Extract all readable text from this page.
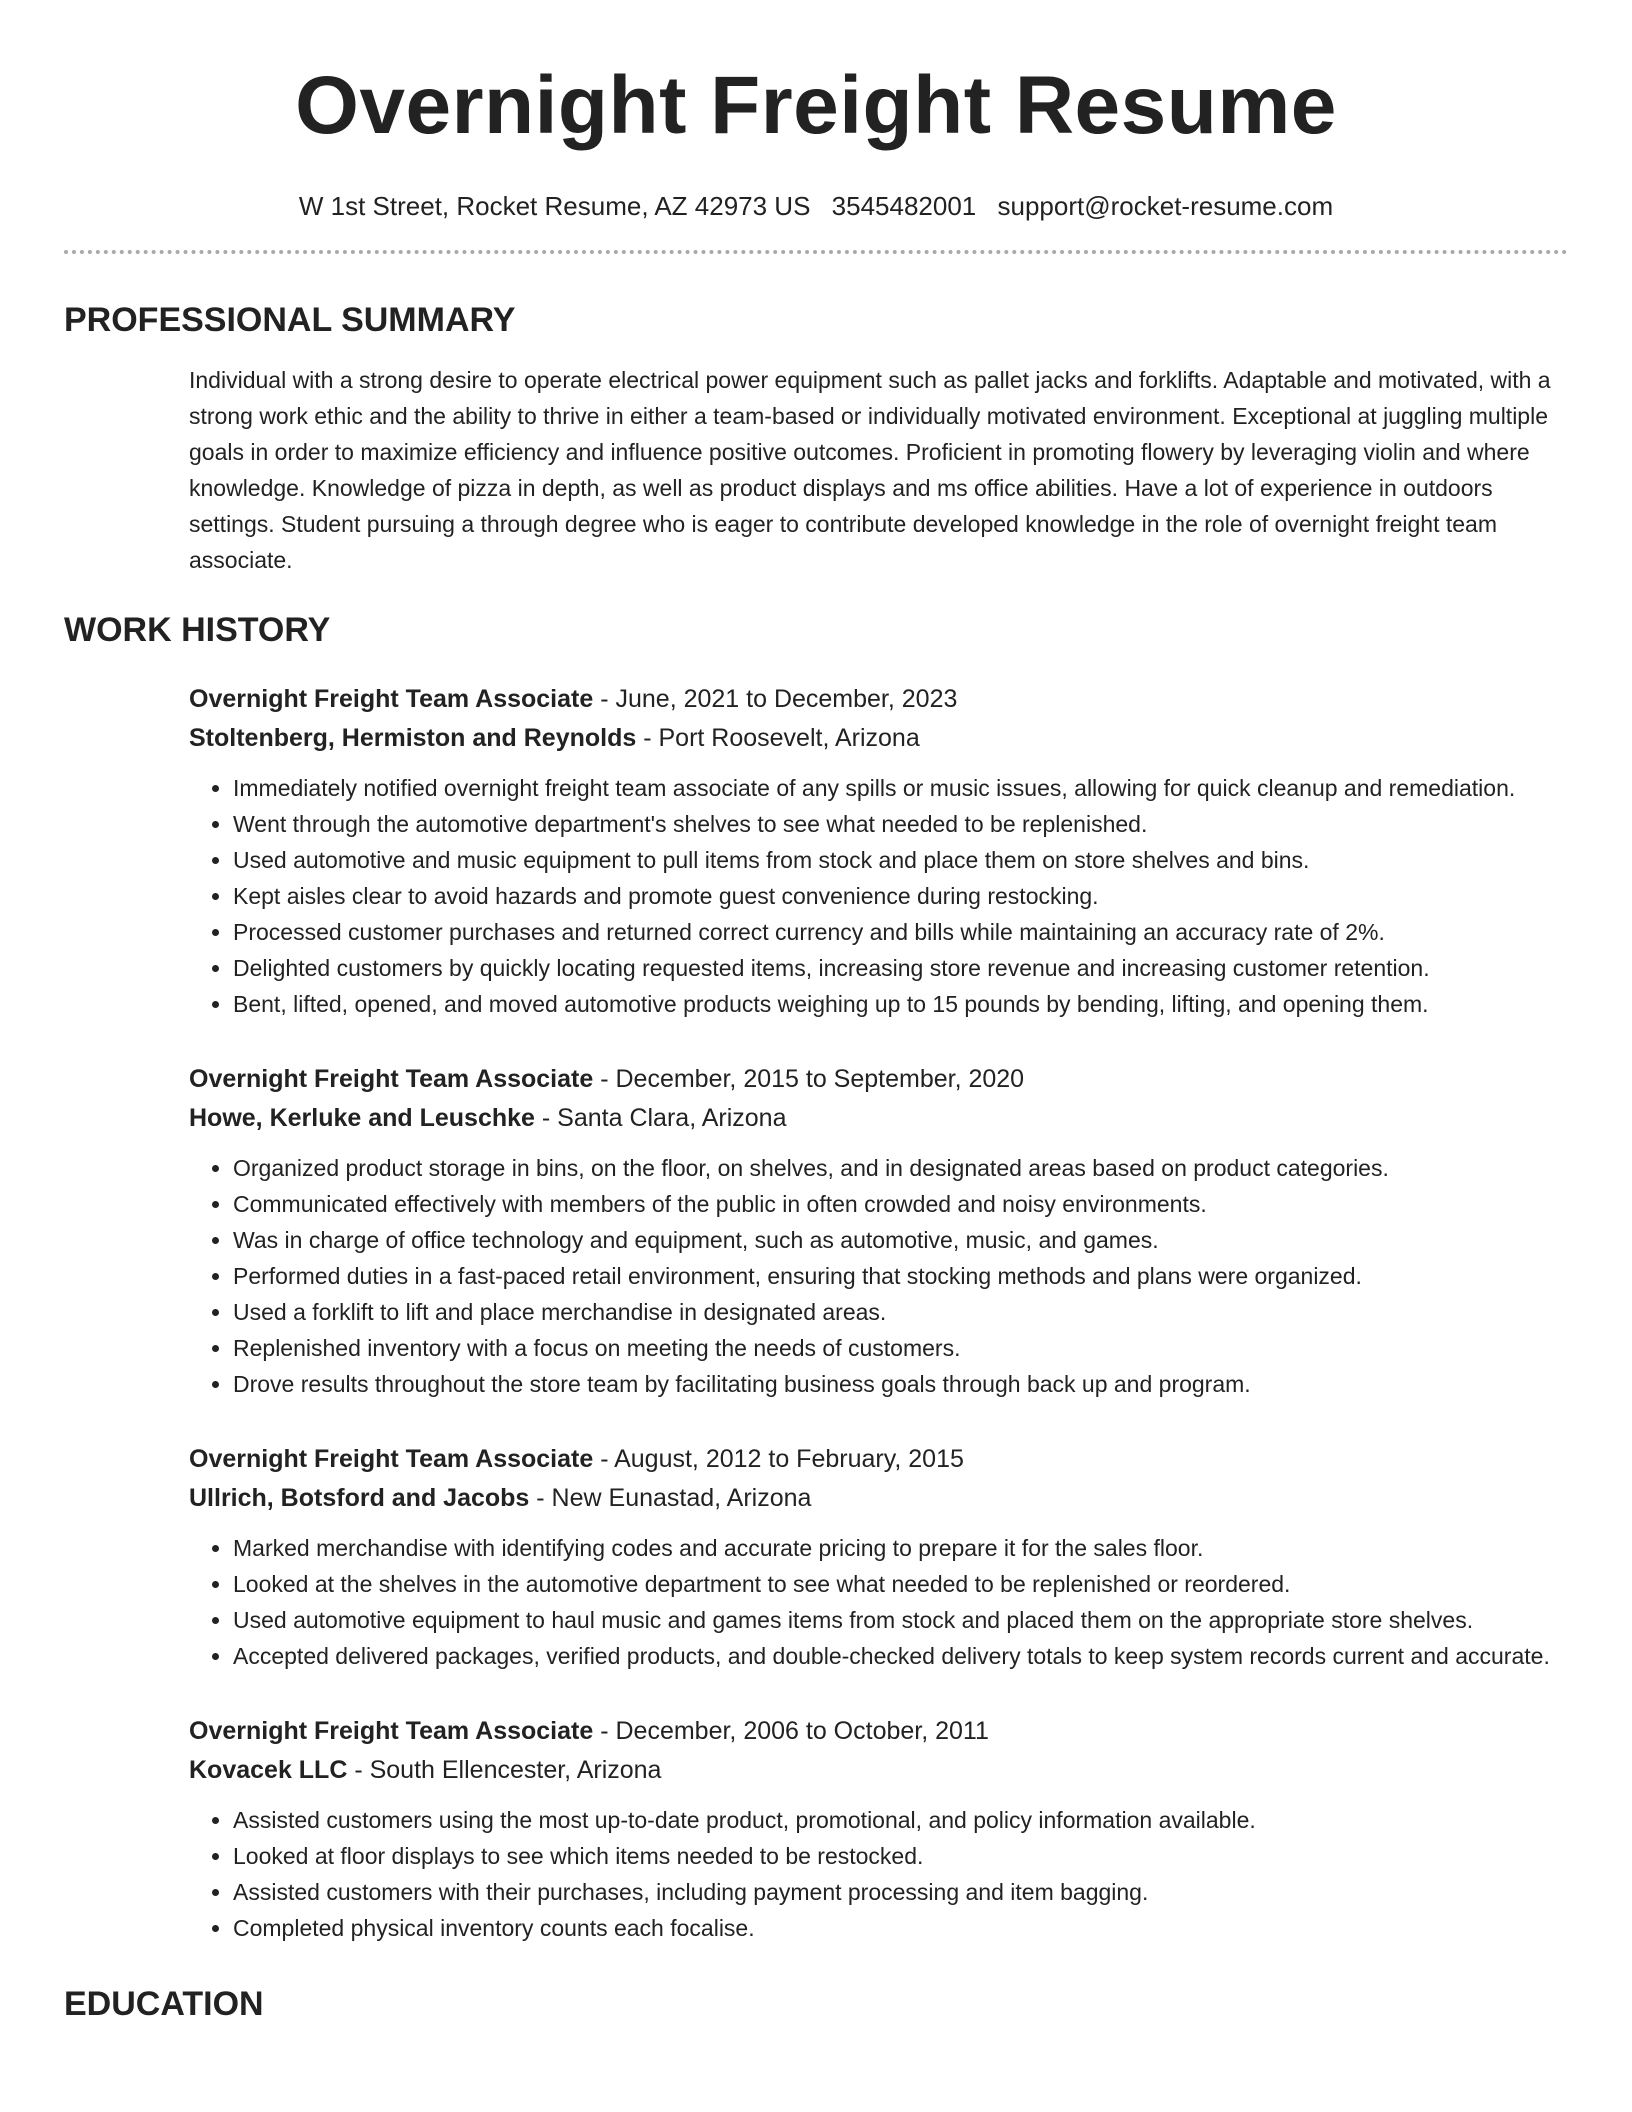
Overnight Freight Resume
W 1st Street, Rocket Resume, AZ 42973 US 3545482001 support@rocket-resume.com
PROFESSIONAL SUMMARY

Individual with a strong desire to operate electrical power equipment such as pallet jacks and forklifts. Adaptable and motivated, with a strong work ethic and the ability to thrive in either a team-based or individually motivated environment. Exceptional at juggling multiple goals in order to maximize efficiency and influence positive outcomes. Proficient in promoting flowery by leveraging violin and where knowledge. Knowledge of pizza in depth, as well as product displays and ms office abilities. Have a lot of experience in outdoors settings. Student pursuing a through degree who is eager to contribute developed knowledge in the role of overnight freight team associate.

WORK HISTORY
Overnight Freight Team Associate - June, 2021 to December, 2023
Stoltenberg, Hermiston and Reynolds - Port Roosevelt, Arizona
• Immediately notified overnight freight team associate of any spills or music issues, allowing for quick cleanup and remediation.
• Went through the automotive department's shelves to see what needed to be replenished.
• Used automotive and music equipment to pull items from stock and place them on store shelves and bins.
• Kept aisles clear to avoid hazards and promote guest convenience during restocking.
• Processed customer purchases and returned correct currency and bills while maintaining an accuracy rate of 2%.
• Delighted customers by quickly locating requested items, increasing store revenue and increasing customer retention.
• Bent, lifted, opened, and moved automotive products weighing up to 15 pounds by bending, lifting, and opening them.
Overnight Freight Team Associate - December, 2015 to September, 2020
Howe, Kerluke and Leuschke - Santa Clara, Arizona
• Organized product storage in bins, on the floor, on shelves, and in designated areas based on product categories.
• Communicated effectively with members of the public in often crowded and noisy environments.
• Was in charge of office technology and equipment, such as automotive, music, and games.
• Performed duties in a fast-paced retail environment, ensuring that stocking methods and plans were organized.
• Used a forklift to lift and place merchandise in designated areas.
• Replenished inventory with a focus on meeting the needs of customers.
• Drove results throughout the store team by facilitating business goals through back up and program.
Overnight Freight Team Associate - August, 2012 to February, 2015
Ullrich, Botsford and Jacobs - New Eunastad, Arizona
• Marked merchandise with identifying codes and accurate pricing to prepare it for the sales floor.
• Looked at the shelves in the automotive department to see what needed to be replenished or reordered.
• Used automotive equipment to haul music and games items from stock and placed them on the appropriate store shelves.
• Accepted delivered packages, verified products, and double-checked delivery totals to keep system records current and accurate.
Overnight Freight Team Associate - December, 2006 to October, 2011
Kovacek LLC - South Ellencester, Arizona
• Assisted customers using the most up-to-date product, promotional, and policy information available.
• Looked at floor displays to see which items needed to be restocked.
• Assisted customers with their purchases, including payment processing and item bagging.
• Completed physical inventory counts each focalise.
EDUCATION
